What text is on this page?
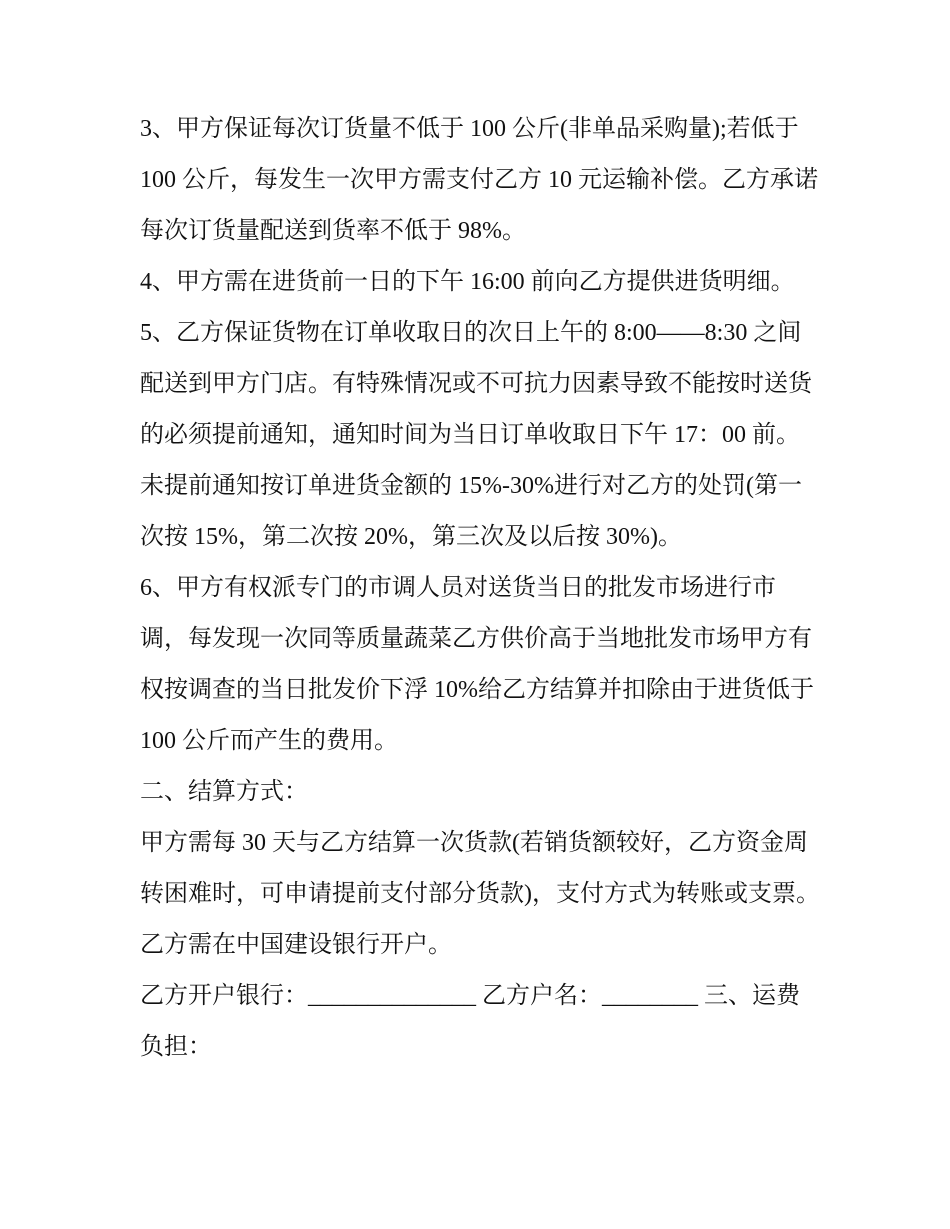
3、甲方保证每次订货量不低于 100 公斤(非单品采购量);若低于 100 公斤，每发生一次甲方需支付乙方 10 元运输补偿。乙方承诺每次订货量配送到货率不低于 98%。

4、甲方需在进货前一日的下午 16:00 前向乙方提供进货明细。

5、乙方保证货物在订单收取日的次日上午的 8:00——8:30 之间配送到甲方门店。有特殊情况或不可抗力因素导致不能按时送货的必须提前通知，通知时间为当日订单收取日下午 17：00 前。未提前通知按订单进货金额的 15%-30%进行对乙方的处罚(第一次按 15%，第二次按 20%，第三次及以后按 30%)。

6、甲方有权派专门的市调人员对送货当日的批发市场进行市调，每发现一次同等质量蔬菜乙方供价高于当地批发市场甲方有权按调查的当日批发价下浮 10%给乙方结算并扣除由于进货低于 100 公斤而产生的费用。

二、结算方式：

甲方需每 30 天与乙方结算一次货款(若销货额较好，乙方资金周转困难时，可申请提前支付部分货款)，支付方式为转账或支票。乙方需在中国建设银行开户。

乙方开户银行：______________ 乙方户名：________ 三、运费负担：
